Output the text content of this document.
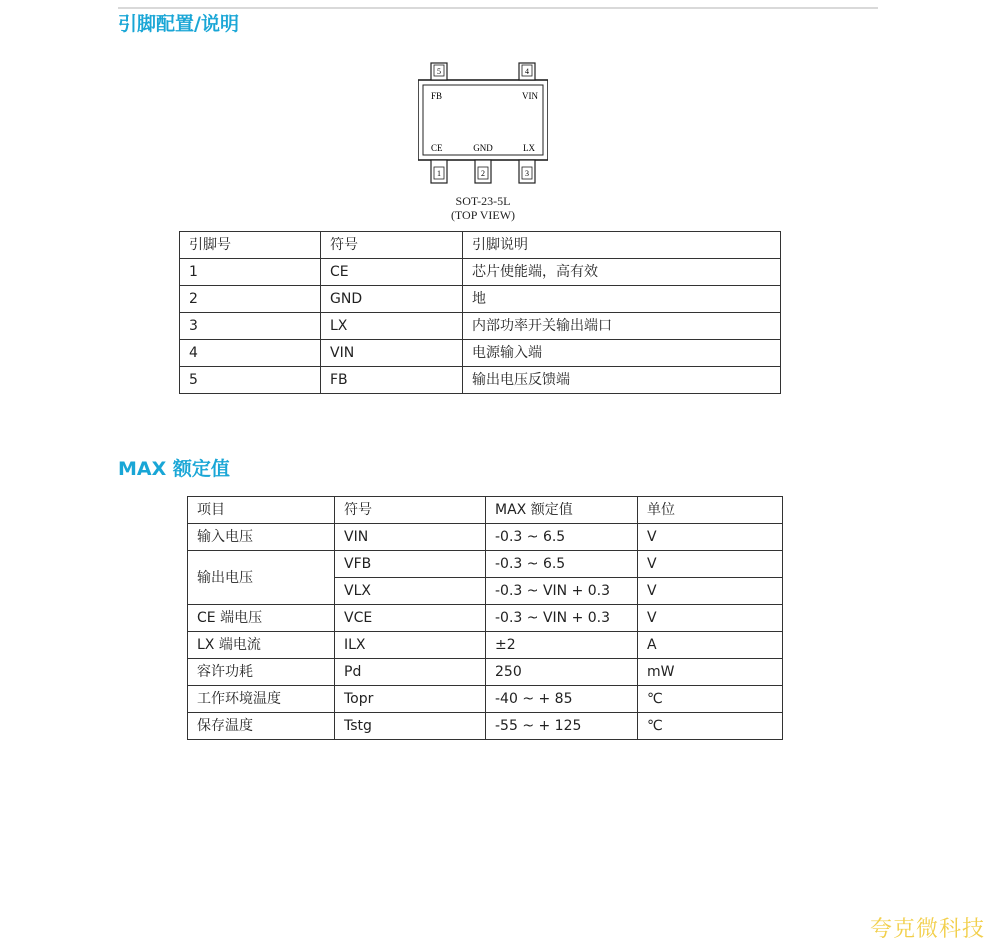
引脚配置/说明
5
FB
4
VIN
1
CE
2
GND
3
LX
SOT-23-5L
(TOP VIEW)
引脚号	符号	引脚说明
1	CE	芯片使能端，高有效
2	GND	地
3	LX	内部功率开关输出端口
4	VIN	电源输入端
5	FB	输出电压反馈端
MAX 额定值
项目	符号	MAX 额定值	单位
输入电压	VIN	-0.3 ~ 6.5	V
输出电压	VFB	-0.3 ~ 6.5	V
	VLX	-0.3 ~ VIN + 0.3	V
CE 端电压	VCE	-0.3 ~ VIN + 0.3	V
LX 端电流	ILX	±2	A
容许功耗	Pd	250	mW
工作环境温度	Topr	-40 ~ + 85	℃
保存温度	Tstg	-55 ~ + 125	℃
夸克微科技
